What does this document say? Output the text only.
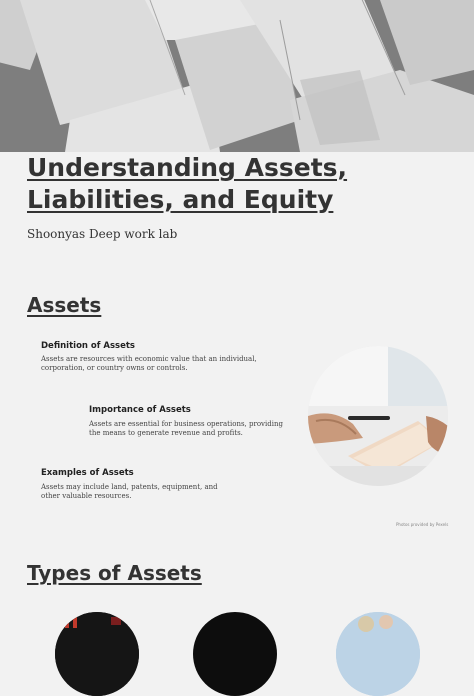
Understanding Assets, Liabilities, and Equity

Shoonyas Deep work lab

Assets
Definition of Assets

Assets are resources with economic value that an individual, corporation, or country owns or controls.

Importance of Assets

Assets are essential for business operations, providing the means to generate revenue and profits.

Examples of Assets

Assets may include land, patents, equipment, and other valuable resources.

Photos provided by Pexels
Types of Assets
